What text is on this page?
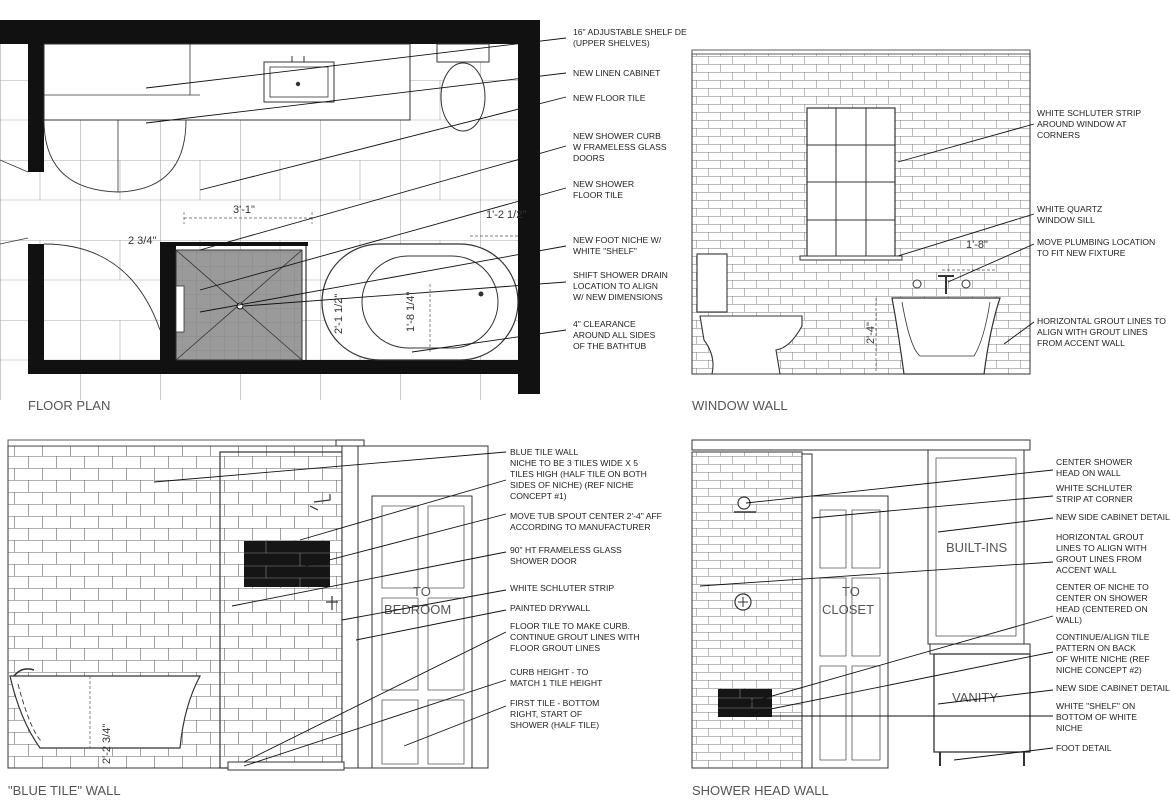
3'-1"
2 3/4"
1'-2 1/2"
1'-8 1/4"
2'-1 1/2"
FLOOR PLAN
16" ADJUSTABLE SHELF DE (UPPER SHELVES)
NEW LINEN CABINET
NEW FLOOR TILE
NEW SHOWER CURB W FRAMELESS GLASS DOORS
NEW SHOWER FLOOR TILE
NEW FOOT NICHE W/ WHITE "SHELF"
SHIFT SHOWER DRAIN LOCATION TO ALIGN W/ NEW DIMENSIONS
4" CLEARANCE AROUND ALL SIDES OF THE BATHTUB
1'-8"
2'-4"
WINDOW WALL
WHITE SCHLUTER STRIP AROUND WINDOW AT CORNERS
WHITE QUARTZ WINDOW SILL
MOVE PLUMBING LOCATION TO FIT NEW FIXTURE
HORIZONTAL GROUT LINES TO ALIGN WITH GROUT LINES FROM ACCENT WALL
TO
BEDROOM
2'-2 3/4"
"BLUE TILE" WALL
BLUE TILE WALL
NICHE TO BE 3 TILES WIDE X 5 TILES HIGH (HALF TILE ON BOTH SIDES OF NICHE) (REF NICHE CONCEPT #1)
MOVE TUB SPOUT CENTER 2'-4" AFF ACCORDING TO MANUFACTURER
90" HT FRAMELESS GLASS SHOWER DOOR
WHITE SCHLUTER STRIP
PAINTED DRYWALL
FLOOR TILE TO MAKE CURB. CONTINUE GROUT LINES WITH FLOOR GROUT LINES
CURB HEIGHT - TO MATCH 1 TILE HEIGHT
FIRST TILE - BOTTOM RIGHT, START OF SHOWER (HALF TILE)
TO
CLOSET
BUILT-INS
VANITY
SHOWER HEAD WALL
CENTER SHOWER HEAD ON WALL
WHITE SCHLUTER STRIP AT CORNER
NEW SIDE CABINET DETAIL
HORIZONTAL GROUT LINES TO ALIGN WITH GROUT LINES FROM ACCENT WALL
CENTER OF NICHE TO CENTER ON SHOWER HEAD (CENTERED ON WALL)
CONTINUE/ALIGN TILE PATTERN ON BACK OF WHITE NICHE (REF NICHE CONCEPT #2)
NEW SIDE CABINET DETAIL
WHITE "SHELF" ON BOTTOM OF WHITE NICHE
FOOT DETAIL
